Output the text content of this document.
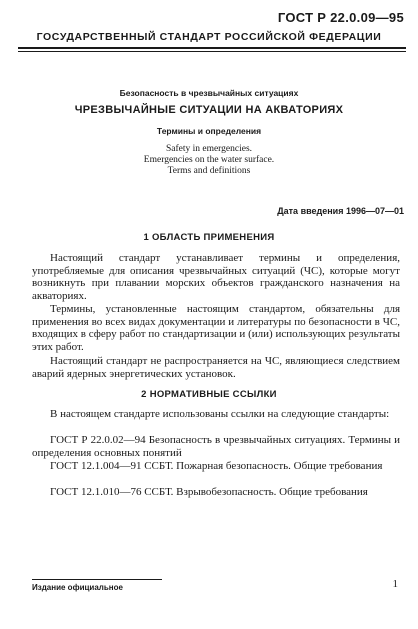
ГОСТ Р 22.0.09—95
ГОСУДАРСТВЕННЫЙ СТАНДАРТ РОССИЙСКОЙ ФЕДЕРАЦИИ
Безопасность в чрезвычайных ситуациях
ЧРЕЗВЫЧАЙНЫЕ СИТУАЦИИ НА АКВАТОРИЯХ
Термины и определения
Safety in emergencies.
Emergencies on the water surface.
Terms and definitions
Дата введения 1996—07—01
1 ОБЛАСТЬ ПРИМЕНЕНИЯ
Настоящий стандарт устанавливает термины и определения, употребляемые для описания чрезвычайных ситуаций (ЧС), которые могут возникнуть при плавании морских объектов гражданского назначения на акваториях.
Термины, установленные настоящим стандартом, обязательны для применения во всех видах документации и литературы по безопасности в ЧС, входящих в сферу работ по стандартизации и (или) использующих результаты этих работ.
Настоящий стандарт не распространяется на ЧС, являющиеся следствием аварий ядерных энергетических установок.
2 НОРМАТИВНЫЕ ССЫЛКИ
В настоящем стандарте использованы ссылки на следующие стандарты:
ГОСТ Р 22.0.02—94 Безопасность в чрезвычайных ситуациях. Термины и определения основных понятий
ГОСТ 12.1.004—91 ССБТ. Пожарная безопасность. Общие требования
ГОСТ 12.1.010—76 ССБТ. Взрывобезопасность. Общие требования
Издание официальное	1
